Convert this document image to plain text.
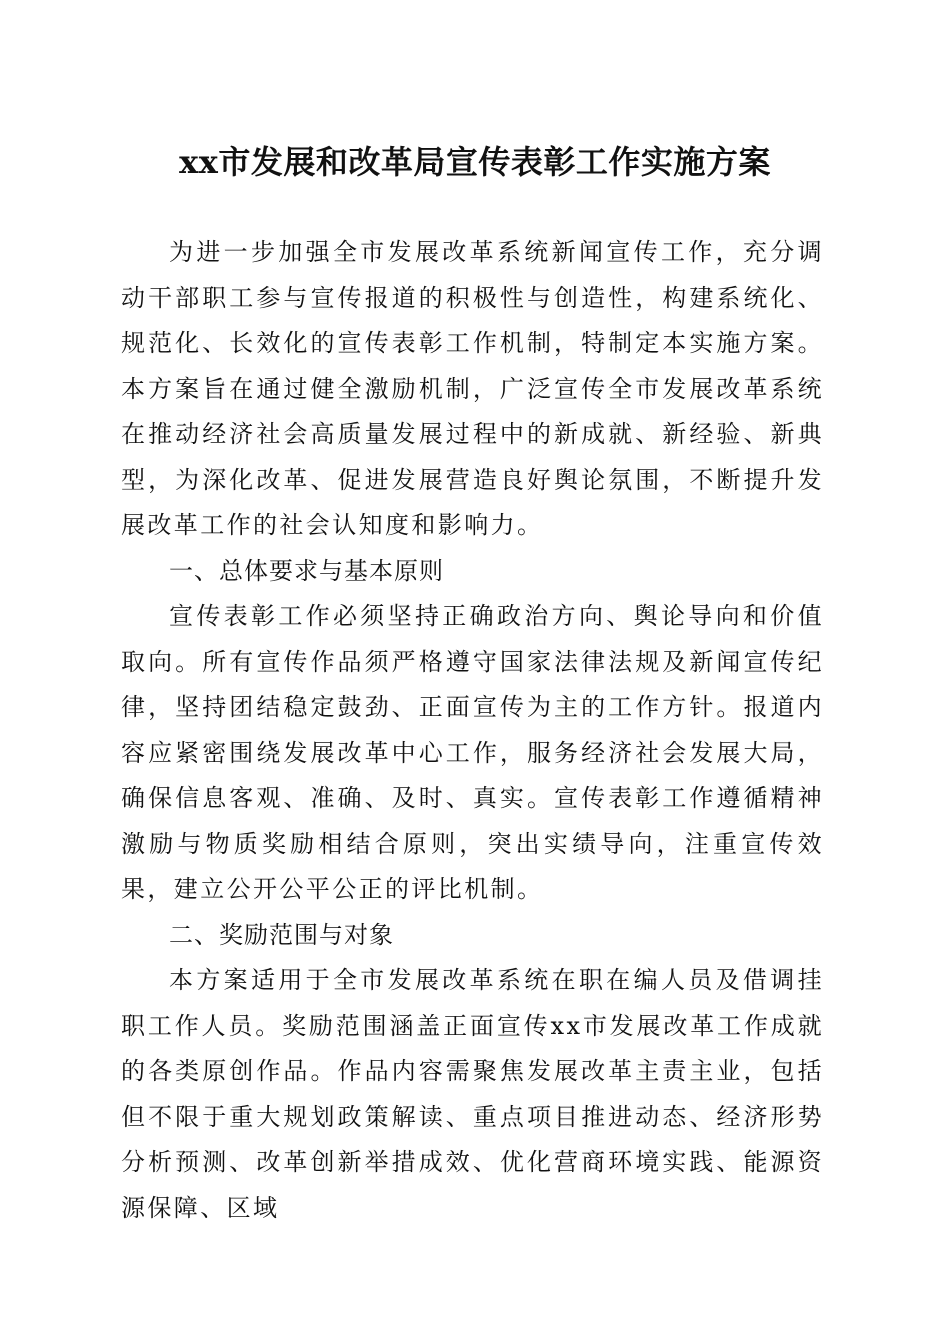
xx市发展和改革局宣传表彰工作实施方案

为进一步加强全市发展改革系统新闻宣传工作，充分调动干部职工参与宣传报道的积极性与创造性，构建系统化、规范化、长效化的宣传表彰工作机制，特制定本实施方案。本方案旨在通过健全激励机制，广泛宣传全市发展改革系统在推动经济社会高质量发展过程中的新成就、新经验、新典型，为深化改革、促进发展营造良好舆论氛围，不断提升发展改革工作的社会认知度和影响力。

一、总体要求与基本原则

宣传表彰工作必须坚持正确政治方向、舆论导向和价值取向。所有宣传作品须严格遵守国家法律法规及新闻宣传纪律，坚持团结稳定鼓劲、正面宣传为主的工作方针。报道内容应紧密围绕发展改革中心工作，服务经济社会发展大局，确保信息客观、准确、及时、真实。宣传表彰工作遵循精神激励与物质奖励相结合原则，突出实绩导向，注重宣传效果，建立公开公平公正的评比机制。

二、奖励范围与对象

本方案适用于全市发展改革系统在职在编人员及借调挂职工作人员。奖励范围涵盖正面宣传xx市发展改革工作成就的各类原创作品。作品内容需聚焦发展改革主责主业，包括但不限于重大规划政策解读、重点项目推进动态、经济形势分析预测、改革创新举措成效、优化营商环境实践、能源资源保障、区域
